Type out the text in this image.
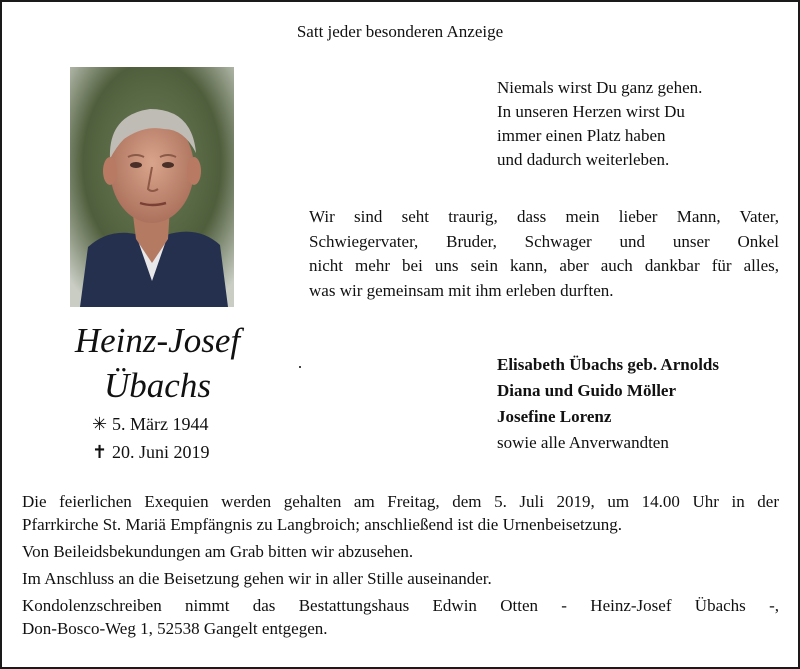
Satt jeder besonderen Anzeige
Heinz-Josef
Übachs
✳ 5. März 1944
✝ 20. Juni 2019
Niemals wirst Du ganz gehen.
In unseren Herzen wirst Du
immer einen Platz haben
und dadurch weiterleben.
Wir sind seht traurig, dass mein lieber Mann, Vater,
Schwiegervater, Bruder, Schwager und unser Onkel
nicht mehr bei uns sein kann, aber auch dankbar für alles,
was wir gemeinsam mit ihm erleben durften.
Elisabeth Übachs geb. Arnolds
Diana und Guido Möller
Josefine Lorenz
sowie alle Anverwandten
Die feierlichen Exequien werden gehalten am Freitag, dem 5. Juli 2019, um 14.00 Uhr in der
Pfarrkirche St. Mariä Empfängnis zu Langbroich; anschließend ist die Urnenbeisetzung.
Von Beileidsbekundungen am Grab bitten wir abzusehen.
Im Anschluss an die Beisetzung gehen wir in aller Stille auseinander.
Kondolenzschreiben nimmt das Bestattungshaus Edwin Otten - Heinz-Josef Übachs -,
Don-Bosco-Weg 1, 52538 Gangelt entgegen.
